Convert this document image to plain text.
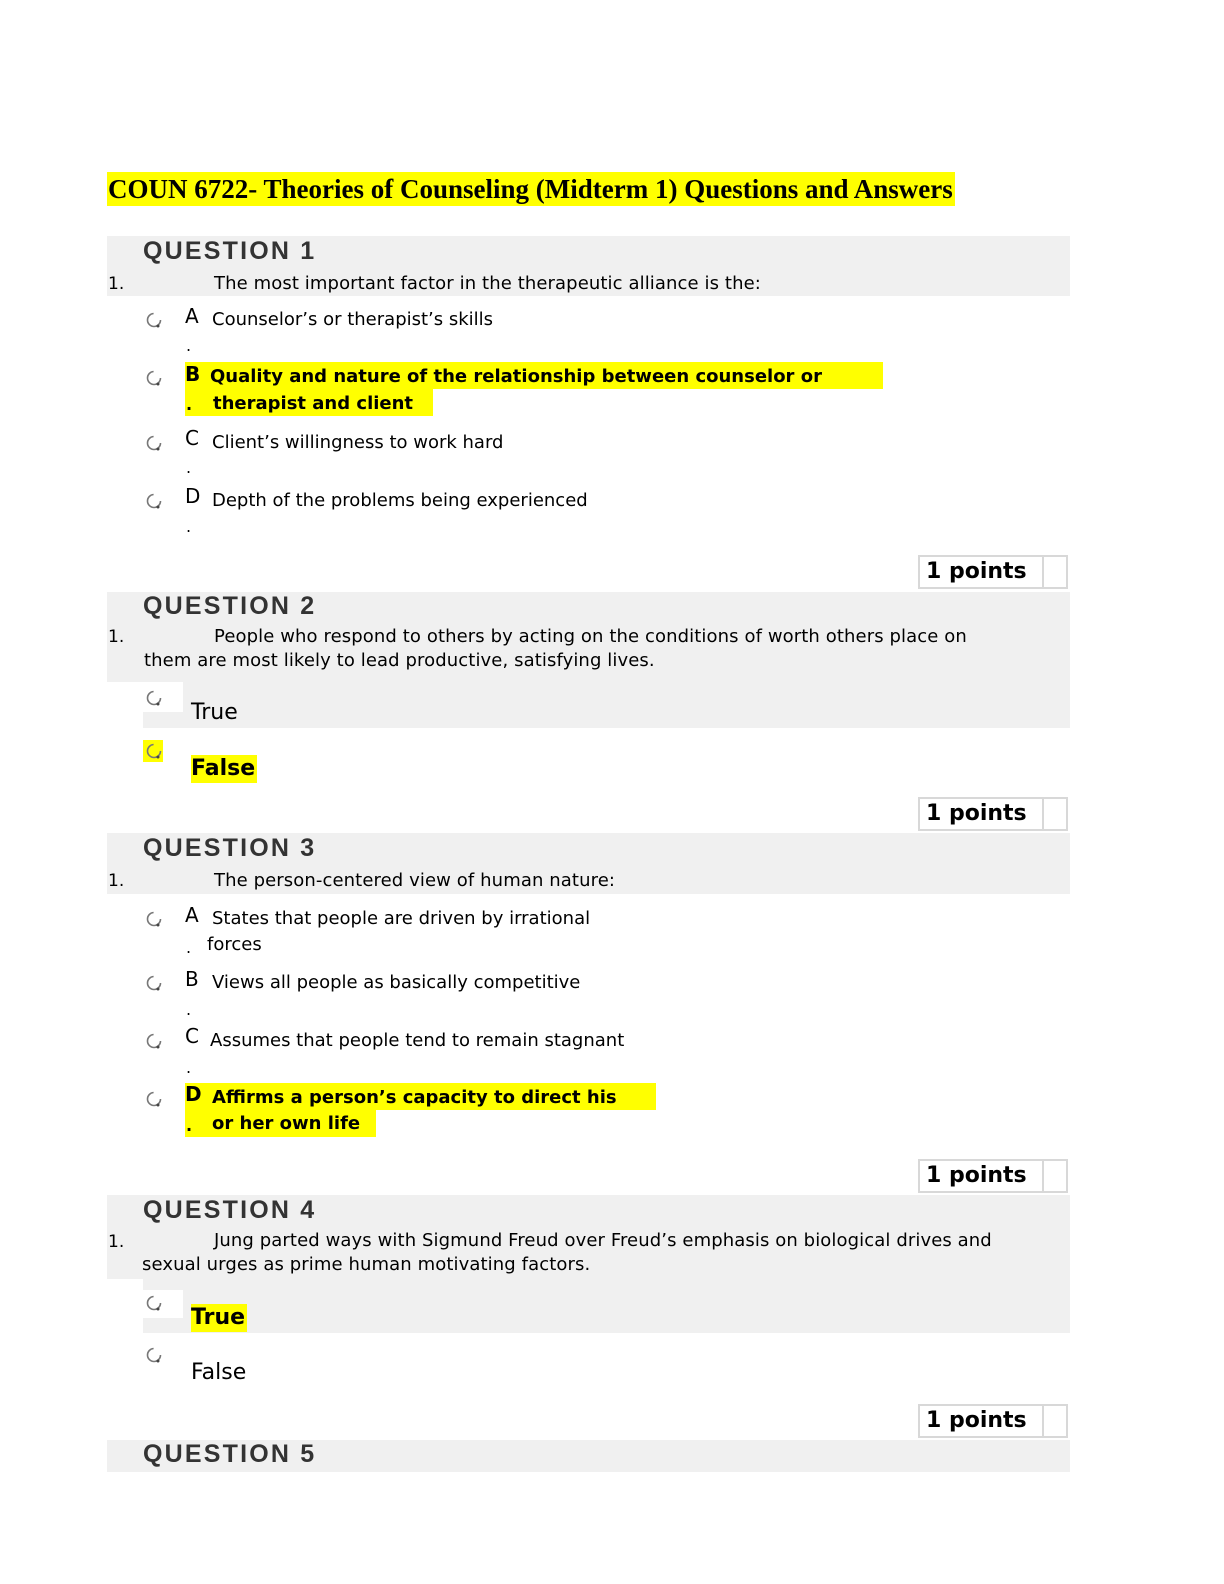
COUN 6722- Theories of Counseling (Midterm 1) Questions and Answers
QUESTION 1
1.	The most important factor in the therapeutic alliance is the:
A
.
Counselor’s or therapist’s skills
B
.
Quality and nature of the relationship between counselor or
therapist and client
C
.
Client’s willingness to work hard
D
.
Depth of the problems being experienced
1 points
QUESTION 2
1.	People who respond to others by acting on the conditions of worth others place on
them are most likely to lead productive, satisfying lives.
True
False
1 points
QUESTION 3
1.	The person-centered view of human nature:
A
.
States that people are driven by irrational
forces
B
.
Views all people as basically competitive
C
.
Assumes that people tend to remain stagnant
D
.
Affirms a person’s capacity to direct his
or her own life
1 points
QUESTION 4
1.	Jung parted ways with Sigmund Freud over Freud’s emphasis on biological drives and
sexual urges as prime human motivating factors.
True
False
1 points
QUESTION 5
